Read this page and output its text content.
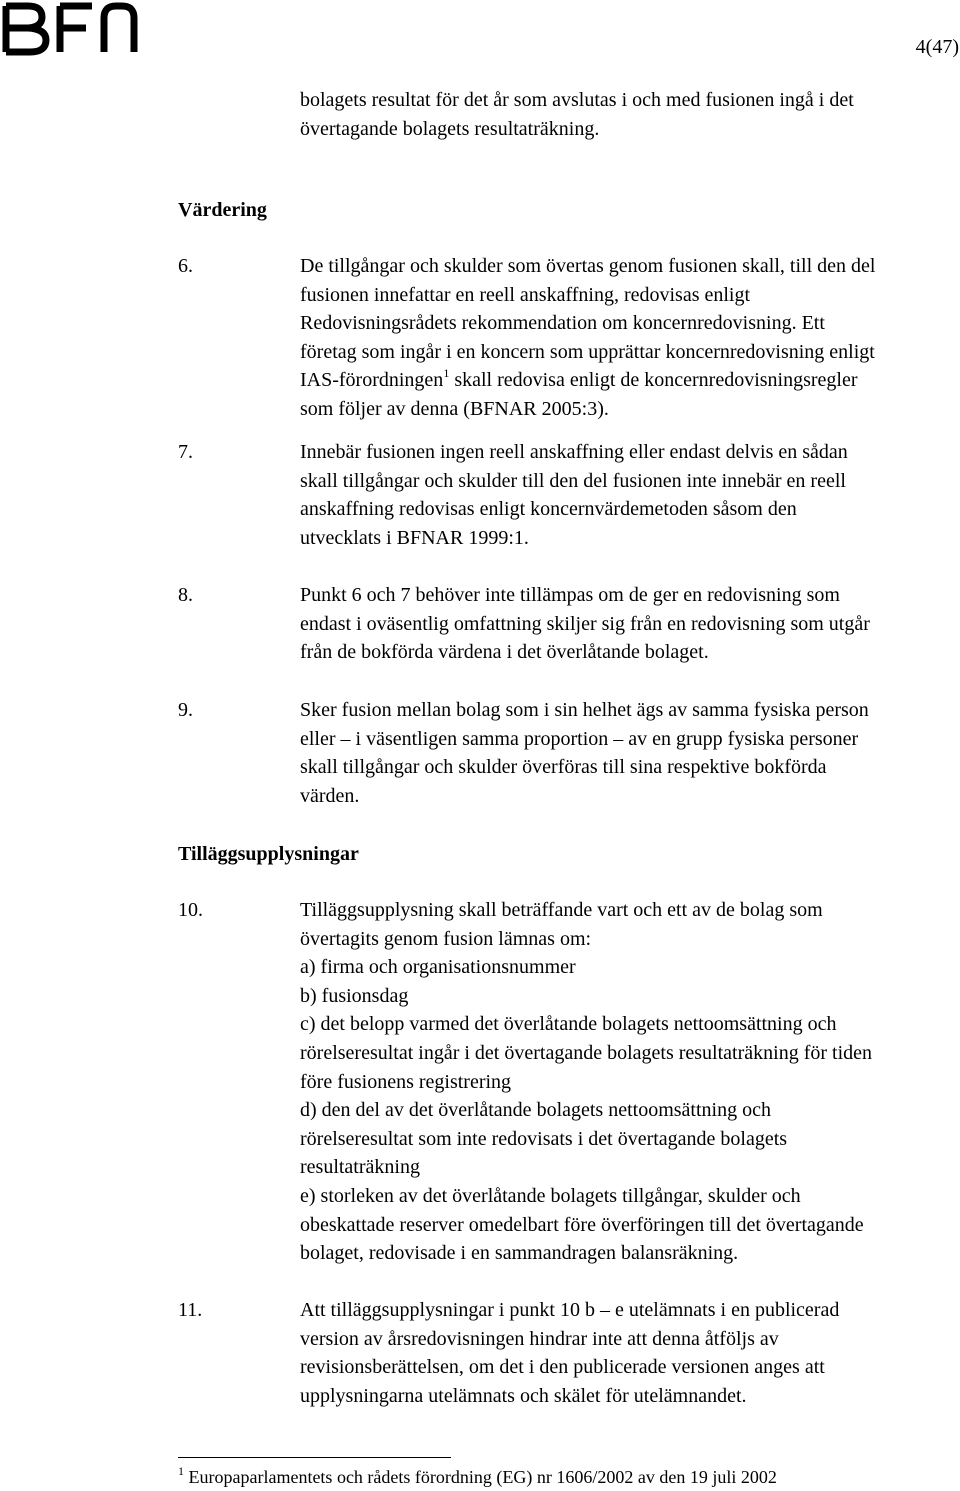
4(47)
bolagets resultat för det år som avslutas i och med fusionen ingå i det
övertagande bolagets resultaträkning.
Värdering
6.	De tillgångar och skulder som övertas genom fusionen skall, till den del
fusionen innefattar en reell anskaffning, redovisas enligt
Redovisningsrådets rekommendation om koncernredovisning. Ett
företag som ingår i en koncern som upprättar koncernredovisning enligt
IAS-förordningen$^1$ skall redovisa enligt de koncernredovisningsregler
som följer av denna (BFNAR 2005:3).
7.	Innebär fusionen ingen reell anskaffning eller endast delvis en sådan
skall tillgångar och skulder till den del fusionen inte innebär en reell
anskaffning redovisas enligt koncernvärdemetoden såsom den
utvecklats i BFNAR 1999:1.
8.	Punkt 6 och 7 behöver inte tillämpas om de ger en redovisning som
endast i oväsentlig omfattning skiljer sig från en redovisning som utgår
från de bokförda värdena i det överlåtande bolaget.
9.	Sker fusion mellan bolag som i sin helhet ägs av samma fysiska person
eller – i väsentligen samma proportion – av en grupp fysiska personer
skall tillgångar och skulder överföras till sina respektive bokförda
värden.
Tilläggsupplysningar
10.	Tilläggsupplysning skall beträffande vart och ett av de bolag som
övertagits genom fusion lämnas om:
a) firma och organisationsnummer
b) fusionsdag
c) det belopp varmed det överlåtande bolagets nettoomsättning och
rörelseresultat ingår i det övertagande bolagets resultaträkning för tiden
före fusionens registrering
d) den del av det överlåtande bolagets nettoomsättning och
rörelseresultat som inte redovisats i det övertagande bolagets
resultaträkning
e) storleken av det överlåtande bolagets tillgångar, skulder och
obeskattade reserver omedelbart före överföringen till det övertagande
bolaget, redovisade i en sammandragen balansräkning.
11.	Att tilläggsupplysningar i punkt 10 b – e utelämnats i en publicerad
version av årsredovisningen hindrar inte att denna åtföljs av
revisionsberättelsen, om det i den publicerade versionen anges att
upplysningarna utelämnats och skälet för utelämnandet.
$^1$ Europaparlamentets och rådets förordning (EG) nr 1606/2002 av den 19 juli 2002
